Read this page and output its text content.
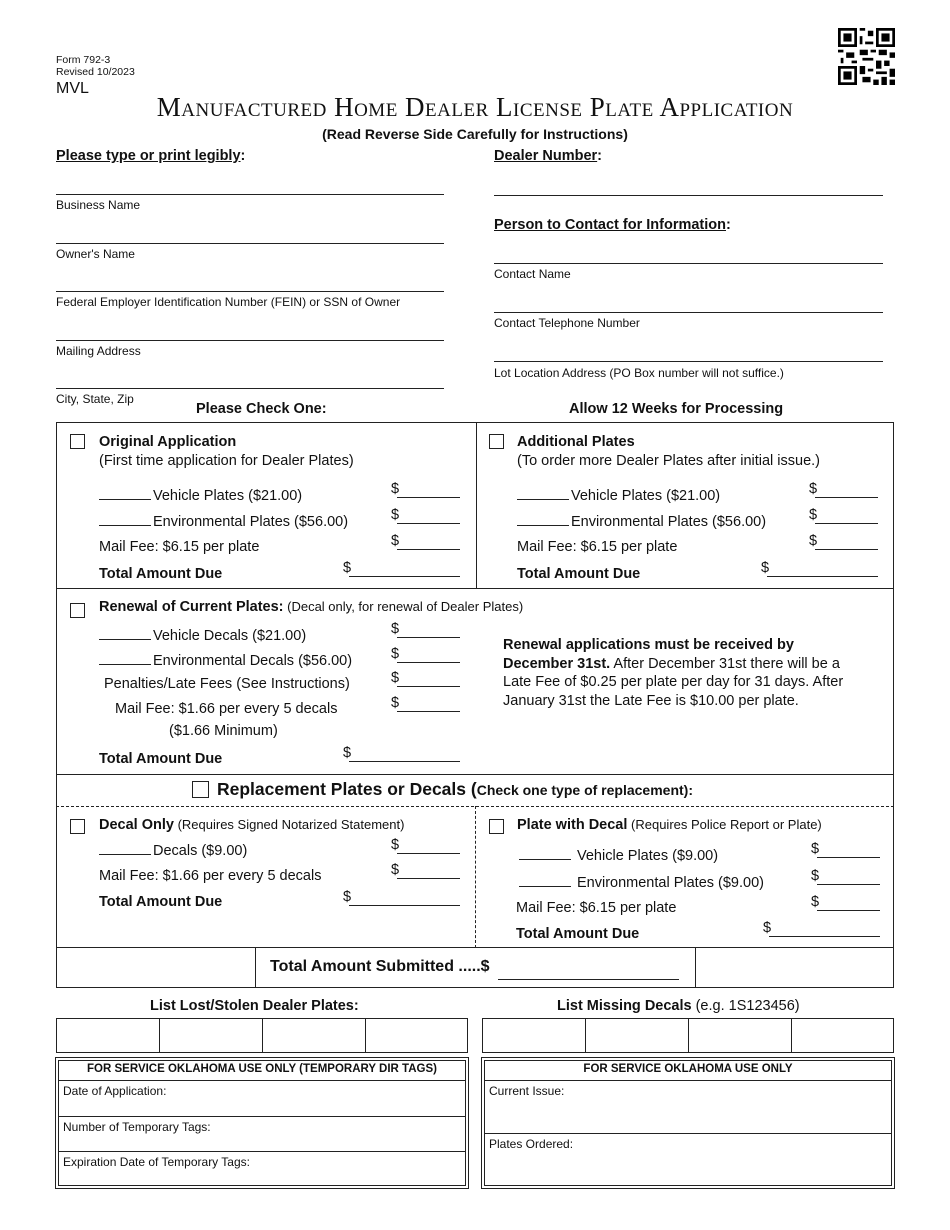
Form 792-3
Revised 10/2023
MVL
Manufactured Home Dealer License Plate Application
(Read Reverse Side Carefully for Instructions)
Please type or print legibly:
Business Name
Owner's Name
Federal Employer Identification Number (FEIN) or SSN of Owner
Mailing Address
City, State, Zip
Dealer Number:
Person to Contact for Information:
Contact Name
Contact Telephone Number
Lot Location Address (PO Box number will not suffice.)
Please Check One:	Allow 12 Weeks for Processing
Original Application
(First time application for Dealer Plates)
Vehicle Plates ($21.00)
Environmental Plates ($56.00)
Mail Fee: $6.15 per plate
Total Amount Due
$
$
$
$
Additional Plates
(To order more Dealer Plates after initial issue.)
Vehicle Plates ($21.00)
Environmental Plates ($56.00)
Mail Fee: $6.15 per plate
Total Amount Due
$
$
$
$
Renewal of Current Plates: (Decal only, for renewal of Dealer Plates)
Vehicle Decals ($21.00)
Environmental Decals ($56.00)
Penalties/Late Fees (See Instructions)
Mail Fee: $1.66 per every 5 decals
($1.66 Minimum)
Total Amount Due
$
$
$
$
$
Renewal applications must be received by December 31st. After December 31st there will be a Late Fee of $0.25 per plate per day for 31 days. After January 31st the Late Fee is $10.00 per plate.
Replacement Plates or Decals (Check one type of replacement):
Decal Only (Requires Signed Notarized Statement)
Decals ($9.00)
Mail Fee: $1.66 per every 5 decals
Total Amount Due
$
$
$
Plate with Decal (Requires Police Report or Plate)
Vehicle Plates ($9.00)
Environmental Plates ($9.00)
Mail Fee: $6.15 per plate
Total Amount Due
$
$
$
$
Total Amount Submitted .....$
List Lost/Stolen Dealer Plates:	List Missing Decals (e.g. 1S123456)
FOR SERVICE OKLAHOMA USE ONLY (TEMPORARY DIR TAGS)
Date of Application:
Number of Temporary Tags:
Expiration Date of Temporary Tags:
FOR SERVICE OKLAHOMA USE ONLY
Current Issue:
Plates Ordered:
